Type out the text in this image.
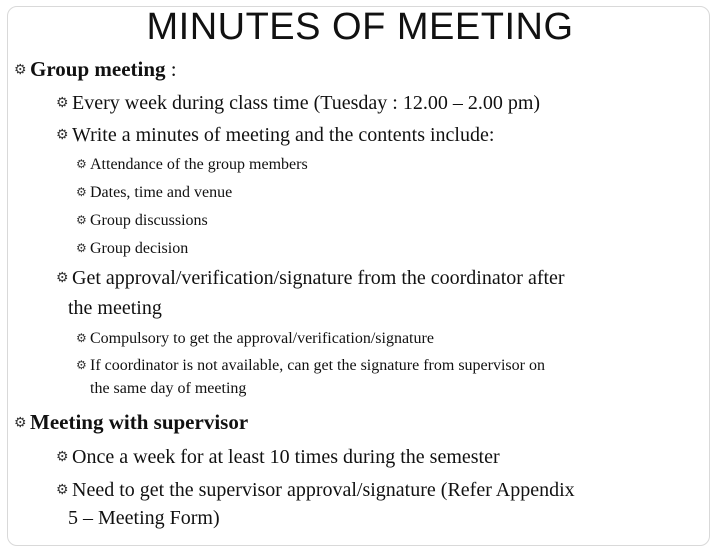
MINUTES OF MEETING
⚙ Group meeting :
⚙ Every week during class time (Tuesday : 12.00 – 2.00 pm)
⚙ Write a minutes of meeting and the contents include:
⚙ Attendance of the group members
⚙ Dates, time and venue
⚙ Group discussions
⚙ Group decision
⚙ Get approval/verification/signature from the coordinator after
the meeting
⚙ Compulsory to get the approval/verification/signature
⚙ If coordinator is not available, can get the signature from supervisor on
the same day of meeting
⚙ Meeting with supervisor
⚙ Once a week for at least 10 times during the semester
⚙ Need to get the supervisor approval/signature (Refer Appendix
5 – Meeting Form)
